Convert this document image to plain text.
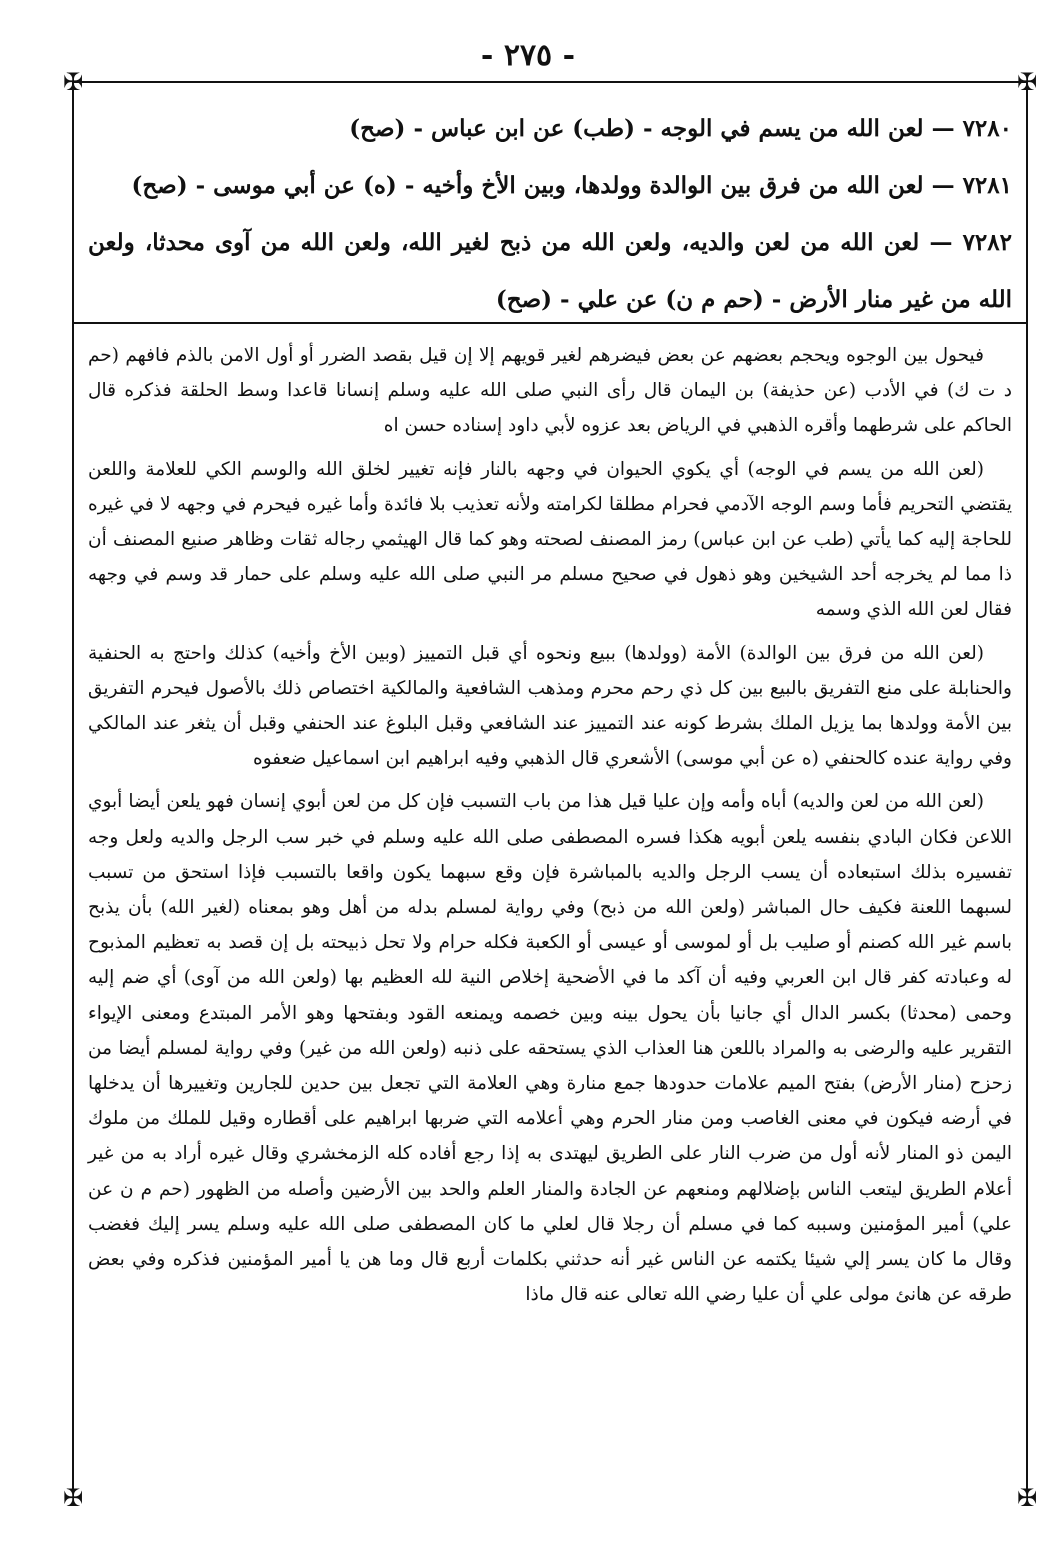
- ٢٧٥ -
✠	✠
✠	✠

٧٢٨٠ — لعن الله من يسم في الوجه - (طب) عن ابن عباس - (صح)

٧٢٨١ — لعن الله من فرق بين الوالدة وولدها، وبين الأخ وأخيه - (ه) عن أبي موسى - (صح)

٧٢٨٢ — لعن الله من لعن والديه، ولعن الله من ذبح لغير الله، ولعن الله من آوى محدثا، ولعن الله من غير منار الأرض - (حم م ن) عن علي - (صح)

فيحول بين الوجوه ويحجم بعضهم عن بعض فيضرهم لغير قويهم إلا إن قيل بقصد الضرر أو أول الامن بالذم فافهم (حم د ت ك) في الأدب (عن حذيفة) بن اليمان قال رأى النبي صلى الله عليه وسلم إنسانا قاعدا وسط الحلقة فذكره قال الحاكم على شرطهما وأقره الذهبي في الرياض بعد عزوه لأبي داود إسناده حسن اه

(لعن الله من يسم في الوجه) أي يكوي الحيوان في وجهه بالنار فإنه تغيير لخلق الله والوسم الكي للعلامة واللعن يقتضي التحريم فأما وسم الوجه الآدمي فحرام مطلقا لكرامته ولأنه تعذيب بلا فائدة وأما غيره فيحرم في وجهه لا في غيره للحاجة إليه كما يأتي (طب عن ابن عباس) رمز المصنف لصحته وهو كما قال الهيثمي رجاله ثقات وظاهر صنيع المصنف أن ذا مما لم يخرجه أحد الشيخين وهو ذهول في صحيح مسلم مر النبي صلى الله عليه وسلم على حمار قد وسم في وجهه فقال لعن الله الذي وسمه

(لعن الله من فرق بين الوالدة) الأمة (وولدها) ببيع ونحوه أي قبل التمييز (وبين الأخ وأخيه) كذلك واحتج به الحنفية والحنابلة على منع التفريق بالبيع بين كل ذي رحم محرم ومذهب الشافعية والمالكية اختصاص ذلك بالأصول فيحرم التفريق بين الأمة وولدها بما يزيل الملك بشرط كونه عند التمييز عند الشافعي وقبل البلوغ عند الحنفي وقبل أن يثغر عند المالكي وفي رواية عنده كالحنفي (ه عن أبي موسى) الأشعري قال الذهبي وفيه ابراهيم ابن اسماعيل ضعفوه

(لعن الله من لعن والديه) أباه وأمه وإن عليا قيل هذا من باب التسبب فإن كل من لعن أبوي إنسان فهو يلعن أيضا أبوي اللاعن فكان البادي بنفسه يلعن أبويه هكذا فسره المصطفى صلى الله عليه وسلم في خبر سب الرجل والديه ولعل وجه تفسيره بذلك استبعاده أن يسب الرجل والديه بالمباشرة فإن وقع سبهما يكون واقعا بالتسبب فإذا استحق من تسبب لسبهما اللعنة فكيف حال المباشر (ولعن الله من ذبح) وفي رواية لمسلم بدله من أهل وهو بمعناه (لغير الله) بأن يذبح باسم غير الله كصنم أو صليب بل أو لموسى أو عيسى أو الكعبة فكله حرام ولا تحل ذبيحته بل إن قصد به تعظيم المذبوح له وعبادته كفر قال ابن العربي وفيه أن آكد ما في الأضحية إخلاص النية لله العظيم بها (ولعن الله من آوى) أي ضم إليه وحمى (محدثا) بكسر الدال أي جانيا بأن يحول بينه وبين خصمه ويمنعه القود وبفتحها وهو الأمر المبتدع ومعنى الإيواء التقرير عليه والرضى به والمراد باللعن هنا العذاب الذي يستحقه على ذنبه (ولعن الله من غير) وفي رواية لمسلم أيضا من زحزح (منار الأرض) بفتح الميم علامات حدودها جمع منارة وهي العلامة التي تجعل بين حدين للجارين وتغييرها أن يدخلها في أرضه فيكون في معنى الغاصب ومن منار الحرم وهي أعلامه التي ضربها ابراهيم على أقطاره وقيل للملك من ملوك اليمن ذو المنار لأنه أول من ضرب النار على الطريق ليهتدى به إذا رجع أفاده كله الزمخشري وقال غيره أراد به من غير أعلام الطريق ليتعب الناس بإضلالهم ومنعهم عن الجادة والمنار العلم والحد بين الأرضين وأصله من الظهور (حم م ن عن علي) أمير المؤمنين وسببه كما في مسلم أن رجلا قال لعلي ما كان المصطفى صلى الله عليه وسلم يسر إليك فغضب وقال ما كان يسر إلي شيئا يكتمه عن الناس غير أنه حدثني بكلمات أربع قال وما هن يا أمير المؤمنين فذكره وفي بعض طرقه عن هانئ مولى علي أن عليا رضي الله تعالى عنه قال ماذا
